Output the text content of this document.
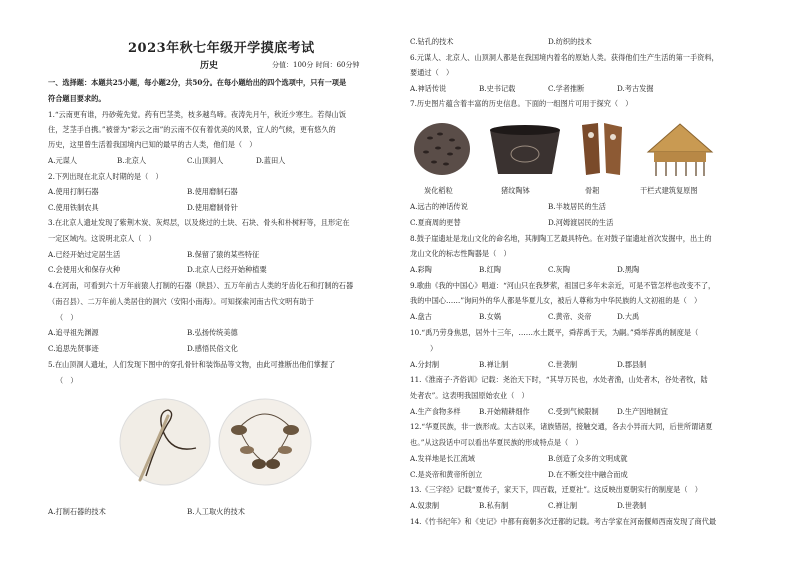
2023年秋七年级开学摸底考试
历史	分值：100分 时间：60分钟
一、选择题：本题共25小题，每小题2分，共50分。在每小题给出的四个选项中，只有一项是
符合题目要求的。
1.“云南更有谁，丹砂菀先觉。药有巴茎类，枝多越鸟啼。夜涛先月午，秋近少寒生。若得山饭
住，芝茎手自携。”被誉为“彩云之南”的云南不仅有着优美的风景，宜人的气候，更有悠久的
历史，这里曾生活着我国境内已知的最早的古人类，他们是（　）
A.元谋人	B.北京人	C.山顶洞人	D.蓝田人
2.下列出现在北京人时期的是（　）
A.使用打制石器	B.使用磨制石器
C.使用铁制农具	D.使用磨制骨针
3.在北京人遗址发现了紫荆木炭、灰烬层，以及烧过的土块、石块、骨头和朴树籽等，且形定在
一定区域内。这说明北京人（　）
A.已经开始过定居生活	B.保留了猿的某些特征
C.会使用火和保存火种	D.北京人已经开始种植粟
4.在河南，可看到六十万年前猿人打制的石器（陕县）、五万年前古人类的牙齿化石和打制的石器
（南召县）、二万年前人类居住的洞穴（安阳小南海）。可知探索河南古代文明有助于
（　）
A.追寻祖先渊源	B.弘扬传统美德
C.追思先贤事迹	D.感悟民俗文化
5.在山顶洞人遗址，人们发现下图中的穿孔骨针和装饰品等文物，由此可推断出他们掌握了
（　）
A.打制石器的技术	B.人工取火的技术
C.钻孔的技术	D.纺织的技术
6.元谋人、北京人、山顶洞人都是在我国境内着名的原始人类。获得他们生产生活的第一手资料，
要通过（　）
A.神话传说	B.史书记载	C.学者推断	D.考古发掘
7.历史图片蕴含着丰富的历史信息。下面的一组图片可用于探究（　）
炭化稻粒	猪纹陶钵	骨耜	干栏式建筑复原图
A.远古的神话传说	B.半坡居民的生活
C.夏商周的更替	D.河姆渡居民的生活
8.鼓子崖遗址是龙山文化的命名地，其制陶工艺最具特色。在对鼓子崖遗址首次发掘中，出土的
龙山文化的标志性陶器是（　）
A.彩陶	B.红陶	C.灰陶	D.黑陶
9.歌曲《我的中国心》唱道：“河山只在我梦萦，祖国已多年未亲近，可是不管怎样也改变不了，
我的中国心……”询问外的华人都是华夏儿女，被后人尊称为中华民族的人文初祖的是（　）
A.盘古	B.女娲	C.黄帝、炎帝	D.大禹
10.“禹乃劳身焦思，居外十三年，……水土既平，舜荐禹于天，为嗣。”舜举荐禹的制度是（
）
A.分封制	B.禅让制	C.世袭制	D.郡县制
11.《淮南子·齐俗训》记载：尧治天下时，“其导万民也，水处者渔，山处者木，谷处者牧，陆
处者农”。这表明我国原始农业（　）
A.生产食物多样	B.开始精耕细作	C.受到气候限制	D.生产因地制宜
12.“华夏民族，非一族形成。太古以来，诸族错居，接触交通，各去小异而大同，后世所谓诸夏
也。”从这段话中可以看出华夏民族的形成特点是（　）
A.发祥地是长江流域	B.创造了众多的文明成就
C.是炎帝和黄帝所创立	D.在不断交往中融合而成
13.《三字经》记载“夏传子，家天下，四百载，迁夏社”。这反映出夏朝实行的制度是（　）
A.奴隶制	B.私有制	C.禅让制	D.世袭制
14.《竹书纪年》和《史记》中都有商朝多次迁都的记载。考古学家在河南偃师西南发现了商代最
